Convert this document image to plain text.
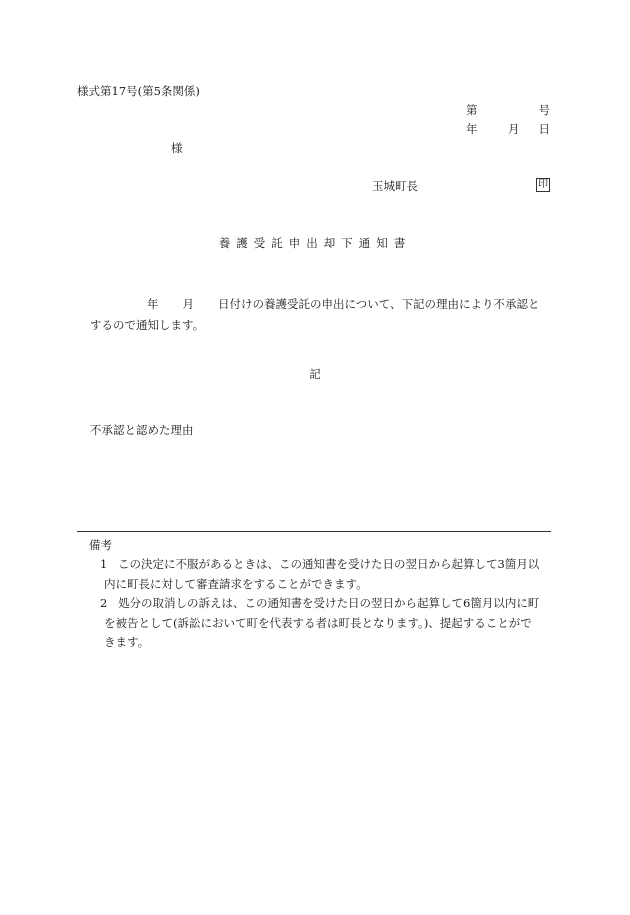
様式第17号(第5条関係)
第	号
年	月 日
様
玉城町長	印
養護受託申出却下通知書
年 月 日付けの養護受託の申出について、下記の理由により不承認と
するので通知します。
記
不承認と認めた理由
備考
1 この決定に不服があるときは、この通知書を受けた日の翌日から起算して3箇月以
内に町長に対して審査請求をすることができます。
2 処分の取消しの訴えは、この通知書を受けた日の翌日から起算して6箇月以内に町
を被告として(訴訟において町を代表する者は町長となります。)、提起することがで
きます。
